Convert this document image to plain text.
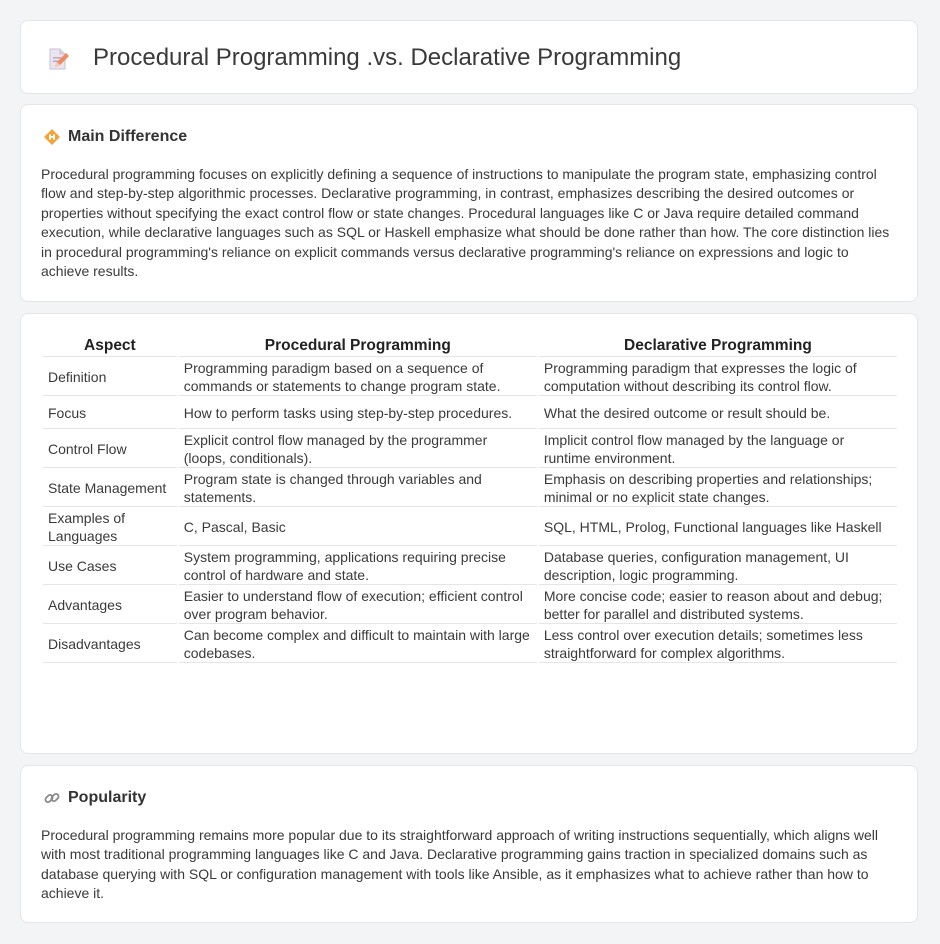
Procedural Programming .vs. Declarative Programming
Main Difference

Procedural programming focuses on explicitly defining a sequence of instructions to manipulate the program state, emphasizing control flow and step-by-step algorithmic processes. Declarative programming, in contrast, emphasizes describing the desired outcomes or properties without specifying the exact control flow or state changes. Procedural languages like C or Java require detailed command execution, while declarative languages such as SQL or Haskell emphasize what should be done rather than how. The core distinction lies in procedural programming's reliance on explicit commands versus declarative programming's reliance on expressions and logic to achieve results.

Aspect	Procedural Programming	Declarative Programming
Definition	Programming paradigm based on a sequence of commands or statements to change program state.	Programming paradigm that expresses the logic of computation without describing its control flow.
Focus	How to perform tasks using step-by-step procedures.	What the desired outcome or result should be.
Control Flow	Explicit control flow managed by the programmer (loops, conditionals).	Implicit control flow managed by the language or runtime environment.
State Management	Program state is changed through variables and statements.	Emphasis on describing properties and relationships; minimal or no explicit state changes.
Examples of Languages	C, Pascal, Basic	SQL, HTML, Prolog, Functional languages like Haskell
Use Cases	System programming, applications requiring precise control of hardware and state.	Database queries, configuration management, UI description, logic programming.
Advantages	Easier to understand flow of execution; efficient control over program behavior.	More concise code; easier to reason about and debug; better for parallel and distributed systems.
Disadvantages	Can become complex and difficult to maintain with large codebases.	Less control over execution details; sometimes less straightforward for complex algorithms.
Popularity

Procedural programming remains more popular due to its straightforward approach of writing instructions sequentially, which aligns well with most traditional programming languages like C and Java. Declarative programming gains traction in specialized domains such as database querying with SQL or configuration management with tools like Ansible, as it emphasizes what to achieve rather than how to achieve it.
